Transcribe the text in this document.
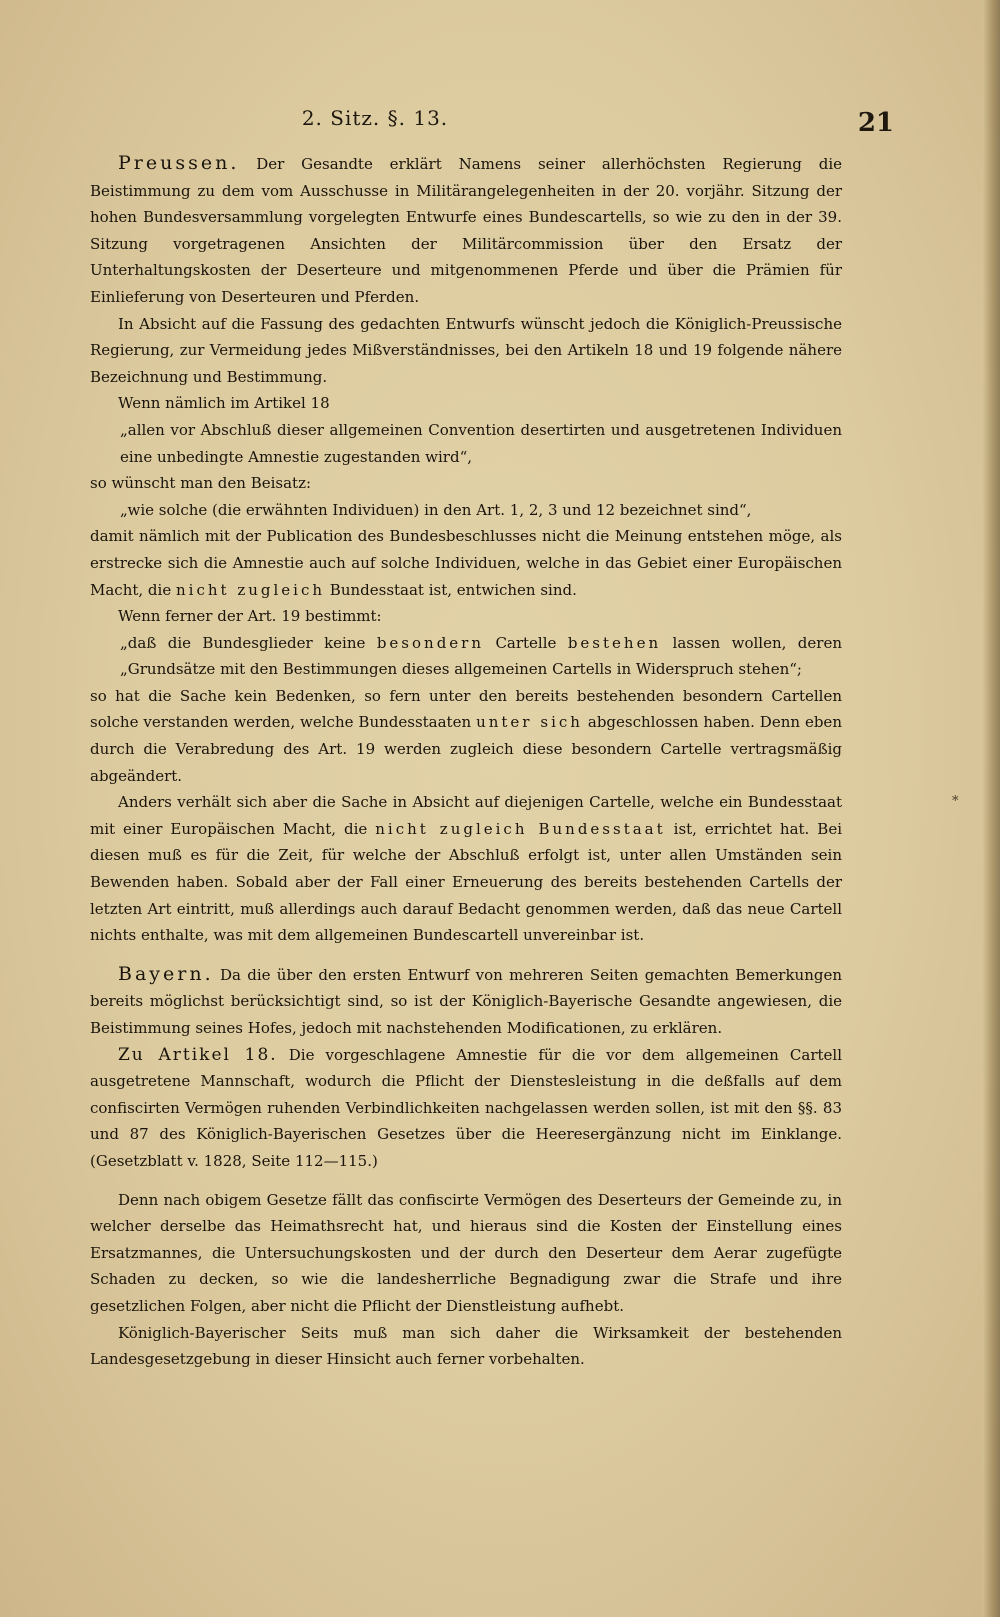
2. Sitz. §. 13.	21

Preussen. Der Gesandte erklärt Namens seiner allerhöchsten Regierung die Beistimmung zu dem vom Ausschusse in Militärangelegenheiten in der 20. vorjähr. Sitzung der hohen Bundesversammlung vorgelegten Entwurfe eines Bundescartells, so wie zu den in der 39. Sitzung vorgetragenen Ansichten der Militärcommission über den Ersatz der Unterhaltungskosten der Deserteure und mitgenommenen Pferde und über die Prämien für Einlieferung von Deserteuren und Pferden.

In Absicht auf die Fassung des gedachten Entwurfs wünscht jedoch die Königlich-Preussische Regierung, zur Vermeidung jedes Mißverständnisses, bei den Artikeln 18 und 19 folgende nähere Bezeichnung und Bestimmung.

Wenn nämlich im Artikel 18

„allen vor Abschluß dieser allgemeinen Convention desertirten und ausgetretenen Individuen eine unbedingte Amnestie zugestanden wird“,

so wünscht man den Beisatz:

„wie solche (die erwähnten Individuen) in den Art. 1, 2, 3 und 12 bezeichnet sind“,

damit nämlich mit der Publication des Bundesbeschlusses nicht die Meinung entstehen möge, als erstrecke sich die Amnestie auch auf solche Individuen, welche in das Gebiet einer Europäischen Macht, die nicht zugleich Bundesstaat ist, entwichen sind.

Wenn ferner der Art. 19 bestimmt:

„daß die Bundesglieder keine besondern Cartelle bestehen lassen wollen, deren „Grundsätze mit den Bestimmungen dieses allgemeinen Cartells in Widerspruch stehen“;

so hat die Sache kein Bedenken, so fern unter den bereits bestehenden besondern Cartellen solche verstanden werden, welche Bundesstaaten unter sich abgeschlossen haben. Denn eben durch die Verabredung des Art. 19 werden zugleich diese besondern Cartelle vertragsmäßig abgeändert.

Anders verhält sich aber die Sache in Absicht auf diejenigen Cartelle, welche ein Bundesstaat mit einer Europäischen Macht, die nicht zugleich Bundesstaat ist, errichtet hat. Bei diesen muß es für die Zeit, für welche der Abschluß erfolgt ist, unter allen Umständen sein Bewenden haben. Sobald aber der Fall einer Erneuerung des bereits bestehenden Cartells der letzten Art eintritt, muß allerdings auch darauf Bedacht genommen werden, daß das neue Cartell nichts enthalte, was mit dem allgemeinen Bundescartell unvereinbar ist.

Bayern. Da die über den ersten Entwurf von mehreren Seiten gemachten Bemerkungen bereits möglichst berücksichtigt sind, so ist der Königlich-Bayerische Gesandte angewiesen, die Beistimmung seines Hofes, jedoch mit nachstehenden Modificationen, zu erklären.

Zu Artikel 18. Die vorgeschlagene Amnestie für die vor dem allgemeinen Cartell ausgetretene Mannschaft, wodurch die Pflicht der Dienstesleistung in die deßfalls auf dem confiscirten Vermögen ruhenden Verbindlichkeiten nachgelassen werden sollen, ist mit den §§. 83 und 87 des Königlich-Bayerischen Gesetzes über die Heeresergänzung nicht im Einklange. (Gesetzblatt v. 1828, Seite 112—115.)

Denn nach obigem Gesetze fällt das confiscirte Vermögen des Deserteurs der Gemeinde zu, in welcher derselbe das Heimathsrecht hat, und hieraus sind die Kosten der Einstellung eines Ersatzmannes, die Untersuchungskosten und der durch den Deserteur dem Aerar zugefügte Schaden zu decken, so wie die landesherrliche Begnadigung zwar die Strafe und ihre gesetzlichen Folgen, aber nicht die Pflicht der Dienstleistung aufhebt.

Königlich-Bayerischer Seits muß man sich daher die Wirksamkeit der bestehenden Landesgesetzgebung in dieser Hinsicht auch ferner vorbehalten.

*
